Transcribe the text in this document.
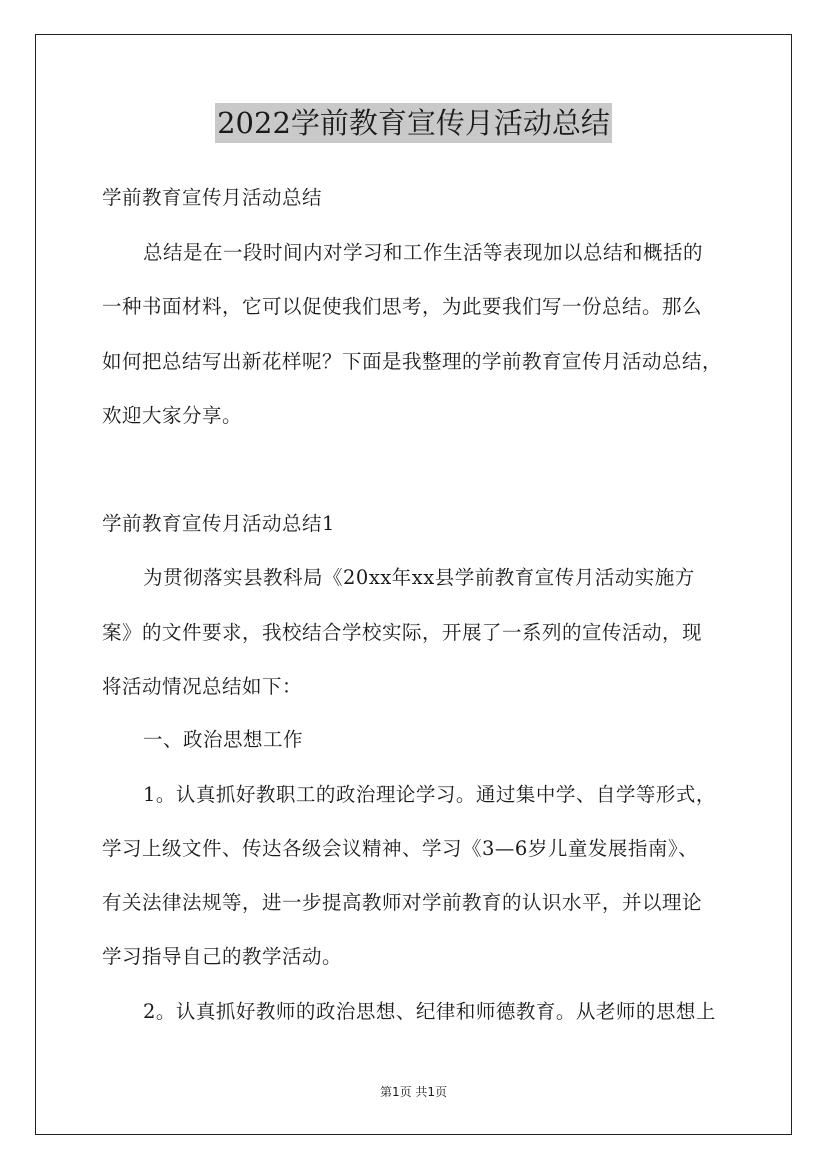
2022学前教育宣传月活动总结
学前教育宣传月活动总结
总结是在一段时间内对学习和工作生活等表现加以总结和概括的
一种书面材料，它可以促使我们思考，为此要我们写一份总结。那么
如何把总结写出新花样呢？下面是我整理的学前教育宣传月活动总结，
欢迎大家分享。
学前教育宣传月活动总结1
为贯彻落实县教科局《20xx年xx县学前教育宣传月活动实施方
案》的文件要求，我校结合学校实际，开展了一系列的宣传活动，现
将活动情况总结如下：
一、政治思想工作
1。认真抓好教职工的政治理论学习。通过集中学、自学等形式，
学习上级文件、传达各级会议精神、学习《3—6岁儿童发展指南》、
有关法律法规等，进一步提高教师对学前教育的认识水平，并以理论
学习指导自己的教学活动。
2。认真抓好教师的政治思想、纪律和师德教育。从老师的思想上
第1页 共1页
